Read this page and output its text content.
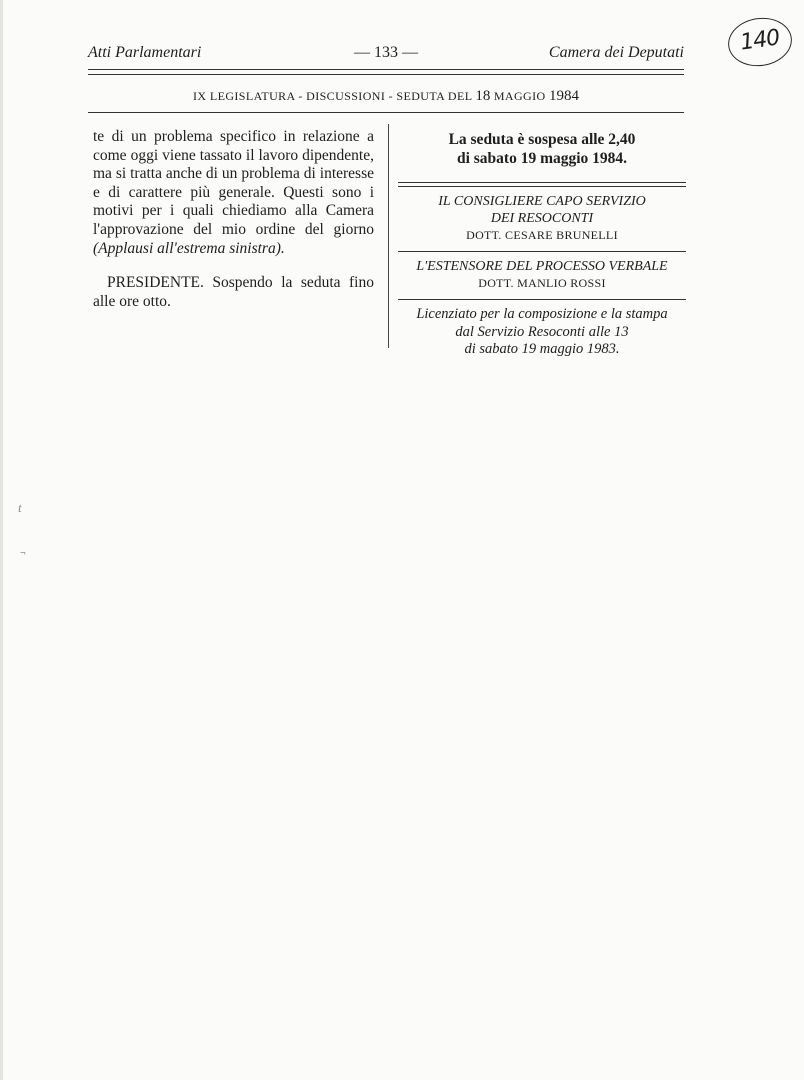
Atti Parlamentari	— 133 —	Camera dei Deputati	140
IX LEGISLATURA - DISCUSSIONI - SEDUTA DEL 18 MAGGIO 1984

te di un problema specifico in relazione a come oggi viene tassato il lavoro dipendente, ma si tratta anche di un problema di interesse e di carattere più generale. Questi sono i motivi per i quali chiediamo alla Camera l'approvazione del mio ordine del giorno (Applausi all'estrema sinistra).

PRESIDENTE. Sospendo la seduta fino alle ore otto.

La seduta è sospesa alle 2,40
di sabato 19 maggio 1984.
IL CONSIGLIERE CAPO SERVIZIO
DEI RESOCONTI
DOTT. CESARE BRUNELLI
L'ESTENSORE DEL PROCESSO VERBALE
DOTT. MANLIO ROSSI
Licenziato per la composizione e la stampa
dal Servizio Resoconti alle 13
di sabato 19 maggio 1983.
t
¬
